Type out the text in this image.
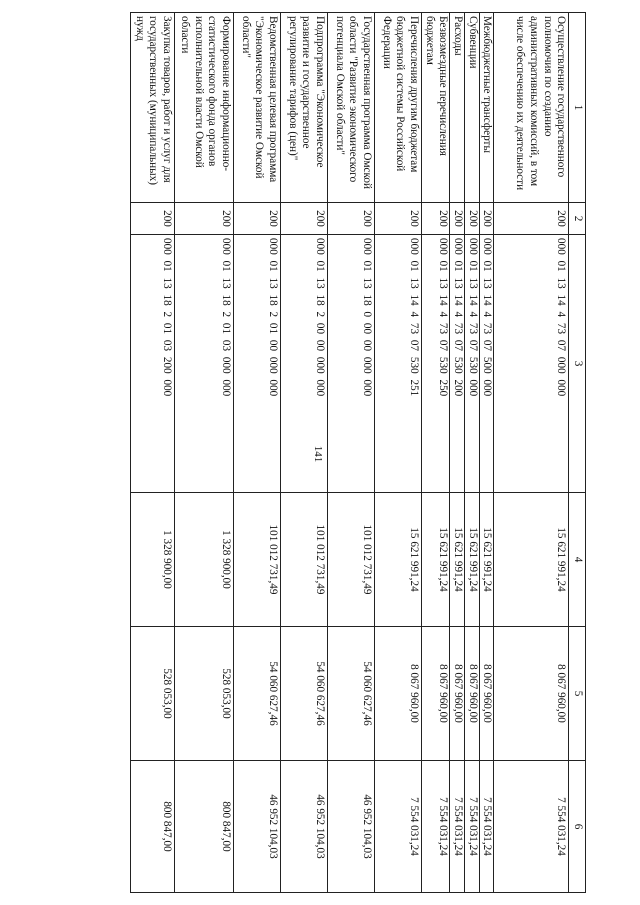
141
1	2	3	4	5	6
Осуществление государственного полномочия по созданию административных комиссий, в том числе обеспечению их деятельности	200	000 01 13 14 4 73 07 000 000	15 621 991,24	8 067 960,00	7 554 031,24
Межбюджетные трансферты	200	000 01 13 14 4 73 07 500 000	15 621 991,24	8 067 960,00	7 554 031,24
Субвенции	200	000 01 13 14 4 73 07 530 000	15 621 991,24	8 067 960,00	7 554 031,24
Расходы	200	000 01 13 14 4 73 07 530 200	15 621 991,24	8 067 960,00	7 554 031,24
Безвозмездные перечисления бюджетам	200	000 01 13 14 4 73 07 530 250	15 621 991,24	8 067 960,00	7 554 031,24
Перечисления другим бюджетам бюджетной системы Российской Федерации	200	000 01 13 14 4 73 07 530 251	15 621 991,24	8 067 960,00	7 554 031,24
Государственная программа Омской области "Развитие экономического потенциала Омской области"	200	000 01 13 18 0 00 00 000 000	101 012 731,49	54 060 627,46	46 952 104,03
Подпрограмма "Экономическое развитие и государственное регулирование тарифов (цен)"	200	000 01 13 18 2 00 00 000 000	101 012 731,49	54 060 627,46	46 952 104,03
Ведомственная целевая программа "Экономическое развитие Омской области"	200	000 01 13 18 2 01 00 000 000	101 012 731,49	54 060 627,46	46 952 104,03
Формирование информационно-статистического фонда органов исполнительной власти Омской области	200	000 01 13 18 2 01 03 000 000	1 328 900,00	528 053,00	800 847,00
Закупка товаров, работ и услуг для государственных (муниципальных) нужд	200	000 01 13 18 2 01 03 200 000	1 328 900,00	528 053,00	800 847,00
